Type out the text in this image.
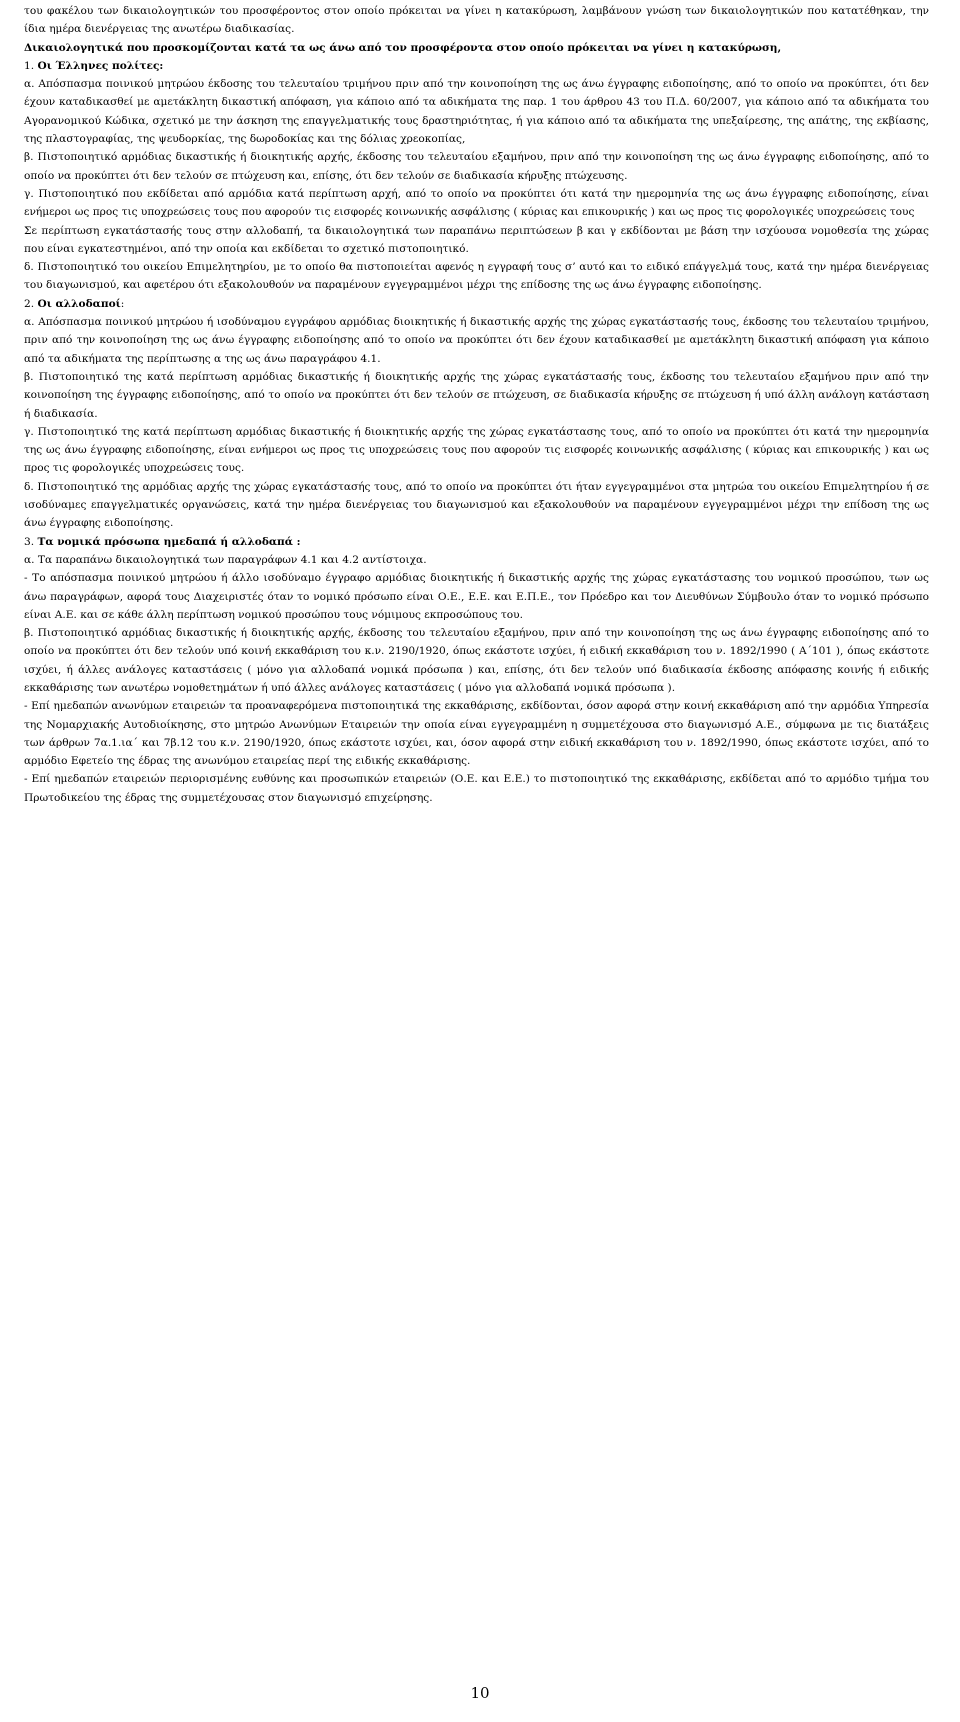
του φακέλου των δικαιολογητικών του προσφέροντος στον οποίο πρόκειται να γίνει η κατακύρωση, λαμβάνουν γνώση των δικαιολογητικών που κατατέθηκαν, την ίδια ημέρα διενέργειας της ανωτέρω διαδικασίας.

Δικαιολογητικά που προσκομίζονται κατά τα ως άνω από τον προσφέροντα στον οποίο πρόκειται να γίνει η κατακύρωση,

1. Οι Έλληνες πολίτες:

α. Απόσπασμα ποινικού μητρώου έκδοσης του τελευταίου τριμήνου πριν από την κοινοποίηση της ως άνω έγγραφης ειδοποίησης, από το οποίο να προκύπτει, ότι δεν έχουν καταδικασθεί με αμετάκλητη δικαστική απόφαση, για κάποιο από τα αδικήματα της παρ. 1 του άρθρου 43 του Π.Δ. 60/2007, για κάποιο από τα αδικήματα του Αγορανομικού Κώδικα, σχετικό με την άσκηση της επαγγελματικής τους δραστηριότητας, ή για κάποιο από τα αδικήματα της υπεξαίρεσης, της απάτης, της εκβίασης, της πλαστογραφίας, της ψευδορκίας, της δωροδοκίας και της δόλιας χρεοκοπίας,

β. Πιστοποιητικό αρμόδιας δικαστικής ή διοικητικής αρχής, έκδοσης του τελευταίου εξαμήνου, πριν από την κοινοποίηση της ως άνω έγγραφης ειδοποίησης, από το οποίο να προκύπτει ότι δεν τελούν σε πτώχευση και, επίσης, ότι δεν τελούν σε διαδικασία κήρυξης πτώχευσης.

γ. Πιστοποιητικό που εκδίδεται από αρμόδια κατά περίπτωση αρχή, από το οποίο να προκύπτει ότι κατά την ημερομηνία της ως άνω έγγραφης ειδοποίησης, είναι ενήμεροι ως προς τις υποχρεώσεις τους που αφορούν τις εισφορές κοινωνικής ασφάλισης ( κύριας και επικουρικής ) και ως προς τις φορολογικές υποχρεώσεις τους

Σε περίπτωση εγκατάστασής τους στην αλλοδαπή, τα δικαιολογητικά των παραπάνω περιπτώσεων β και γ εκδίδονται με βάση την ισχύουσα νομοθεσία της χώρας που είναι εγκατεστημένοι, από την οποία και εκδίδεται το σχετικό πιστοποιητικό.

δ. Πιστοποιητικό του οικείου Επιμελητηρίου, με το οποίο θα πιστοποιείται αφενός η εγγραφή τους σ’ αυτό και το ειδικό επάγγελμά τους, κατά την ημέρα διενέργειας του διαγωνισμού, και αφετέρου ότι εξακολουθούν να παραμένουν εγγεγραμμένοι μέχρι της επίδοσης της ως άνω έγγραφης ειδοποίησης.

2. Οι αλλοδαποί:

α. Απόσπασμα ποινικού μητρώου ή ισοδύναμου εγγράφου αρμόδιας διοικητικής ή δικαστικής αρχής της χώρας εγκατάστασής τους, έκδοσης του τελευταίου τριμήνου, πριν από την κοινοποίηση της ως άνω έγγραφης ειδοποίησης από το οποίο να προκύπτει ότι δεν έχουν καταδικασθεί με αμετάκλητη δικαστική απόφαση για κάποιο από τα αδικήματα της περίπτωσης α της ως άνω παραγράφου 4.1.

β. Πιστοποιητικό της κατά περίπτωση αρμόδιας δικαστικής ή διοικητικής αρχής της χώρας εγκατάστασής τους, έκδοσης του τελευταίου εξαμήνου πριν από την κοινοποίηση της έγγραφης ειδοποίησης, από το οποίο να προκύπτει ότι δεν τελούν σε πτώχευση, σε διαδικασία κήρυξης σε πτώχευση ή υπό άλλη ανάλογη κατάσταση ή διαδικασία.

γ. Πιστοποιητικό της κατά περίπτωση αρμόδιας δικαστικής ή διοικητικής αρχής της χώρας εγκατάστασης τους, από το οποίο να προκύπτει ότι κατά την ημερομηνία της ως άνω έγγραφης ειδοποίησης, είναι ενήμεροι ως προς τις υποχρεώσεις τους που αφορούν τις εισφορές κοινωνικής ασφάλισης ( κύριας και επικουρικής ) και ως προς τις φορολογικές υποχρεώσεις τους.

δ. Πιστοποιητικό της αρμόδιας αρχής της χώρας εγκατάστασής τους, από το οποίο να προκύπτει ότι ήταν εγγεγραμμένοι στα μητρώα του οικείου Επιμελητηρίου ή σε ισοδύναμες επαγγελματικές οργανώσεις, κατά την ημέρα διενέργειας του διαγωνισμού και εξακολουθούν να παραμένουν εγγεγραμμένοι μέχρι την επίδοση της ως άνω έγγραφης ειδοποίησης.

3. Τα νομικά πρόσωπα ημεδαπά ή αλλοδαπά :

α. Τα παραπάνω δικαιολογητικά των παραγράφων 4.1 και 4.2 αντίστοιχα.

- Το απόσπασμα ποινικού μητρώου ή άλλο ισοδύναμο έγγραφο αρμόδιας διοικητικής ή δικαστικής αρχής της χώρας εγκατάστασης του νομικού προσώπου, των ως άνω παραγράφων, αφορά τους Διαχειριστές όταν το νομικό πρόσωπο είναι Ο.Ε., Ε.Ε. και Ε.Π.Ε., τον Πρόεδρο και τον Διευθύνων Σύμβουλο όταν το νομικό πρόσωπο είναι Α.Ε. και σε κάθε άλλη περίπτωση νομικού προσώπου τους νόμιμους εκπροσώπους του.

β. Πιστοποιητικό αρμόδιας δικαστικής ή διοικητικής αρχής, έκδοσης του τελευταίου εξαμήνου, πριν από την κοινοποίηση της ως άνω έγγραφης ειδοποίησης από το οποίο να προκύπτει ότι δεν τελούν υπό κοινή εκκαθάριση του κ.ν. 2190/1920, όπως εκάστοτε ισχύει, ή ειδική εκκαθάριση του ν. 1892/1990 ( Α΄101 ), όπως εκάστοτε ισχύει, ή άλλες ανάλογες καταστάσεις ( μόνο για αλλοδαπά νομικά πρόσωπα ) και, επίσης, ότι δεν τελούν υπό διαδικασία έκδοσης απόφασης κοινής ή ειδικής εκκαθάρισης των ανωτέρω νομοθετημάτων ή υπό άλλες ανάλογες καταστάσεις ( μόνο για αλλοδαπά νομικά πρόσωπα ).

- Επί ημεδαπών ανωνύμων εταιρειών τα προαναφερόμενα πιστοποιητικά της εκκαθάρισης, εκδίδονται, όσον αφορά στην κοινή εκκαθάριση από την αρμόδια Υπηρεσία της Νομαρχιακής Αυτοδιοίκησης, στο μητρώο Ανωνύμων Εταιρειών την οποία είναι εγγεγραμμένη η συμμετέχουσα στο διαγωνισμό Α.Ε., σύμφωνα με τις διατάξεις των άρθρων 7α.1.ια΄ και 7β.12 του κ.ν. 2190/1920, όπως εκάστοτε ισχύει, και, όσον αφορά στην ειδική εκκαθάριση του ν. 1892/1990, όπως εκάστοτε ισχύει, από το αρμόδιο Εφετείο της έδρας της ανωνύμου εταιρείας περί της ειδικής εκκαθάρισης.

- Επί ημεδαπών εταιρειών περιορισμένης ευθύνης και προσωπικών εταιρειών (Ο.Ε. και Ε.Ε.) το πιστοποιητικό της εκκαθάρισης, εκδίδεται από το αρμόδιο τμήμα του Πρωτοδικείου της έδρας της συμμετέχουσας στον διαγωνισμό επιχείρησης.

10
